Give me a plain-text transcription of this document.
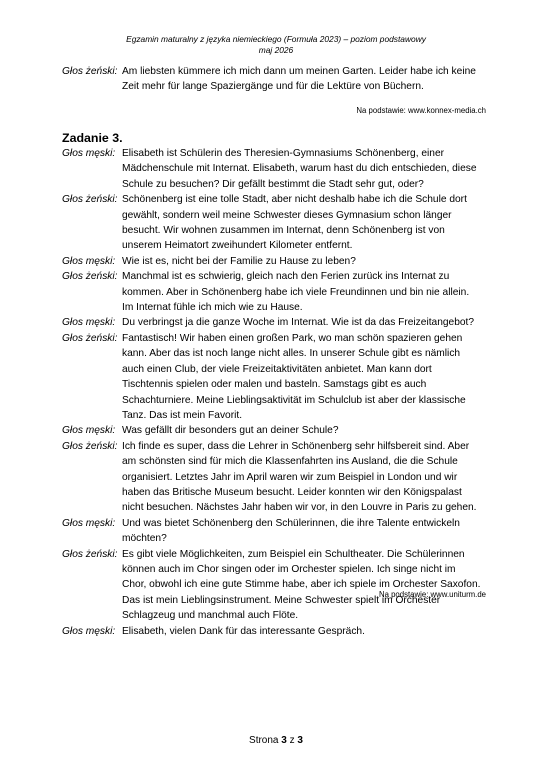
Egzamin maturalny z języka niemieckiego (Formuła 2023) – poziom podstawowy
maj 2026
Głos żeński: Am liebsten kümmere ich mich dann um meinen Garten. Leider habe ich keine
Zeit mehr für lange Spaziergänge und für die Lektüre von Büchern.
Na podstawie: www.konnex-media.ch
Zadanie 3.
Głos męski: Elisabeth ist Schülerin des Theresien-Gymnasiums Schönenberg, einer
Mädchenschule mit Internat. Elisabeth, warum hast du dich entschieden, diese
Schule zu besuchen? Dir gefällt bestimmt die Stadt sehr gut, oder?
Głos żeński: Schönenberg ist eine tolle Stadt, aber nicht deshalb habe ich die Schule dort
gewählt, sondern weil meine Schwester dieses Gymnasium schon länger
besucht. Wir wohnen zusammen im Internat, denn Schönenberg ist von
unserem Heimatort zweihundert Kilometer entfernt.
Głos męski: Wie ist es, nicht bei der Familie zu Hause zu leben?
Głos żeński: Manchmal ist es schwierig, gleich nach den Ferien zurück ins Internat zu
kommen. Aber in Schönenberg habe ich viele Freundinnen und bin nie allein.
Im Internat fühle ich mich wie zu Hause.
Głos męski: Du verbringst ja die ganze Woche im Internat. Wie ist da das Freizeitangebot?
Głos żeński: Fantastisch! Wir haben einen großen Park, wo man schön spazieren gehen
kann. Aber das ist noch lange nicht alles. In unserer Schule gibt es nämlich
auch einen Club, der viele Freizeitaktivitäten anbietet. Man kann dort
Tischtennis spielen oder malen und basteln. Samstags gibt es auch
Schachturniere. Meine Lieblingsaktivität im Schulclub ist aber der klassische
Tanz. Das ist mein Favorit.
Głos męski: Was gefällt dir besonders gut an deiner Schule?
Głos żeński: Ich finde es super, dass die Lehrer in Schönenberg sehr hilfsbereit sind. Aber
am schönsten sind für mich die Klassenfahrten ins Ausland, die die Schule
organisiert. Letztes Jahr im April waren wir zum Beispiel in London und wir
haben das Britische Museum besucht. Leider konnten wir den Königspalast
nicht besuchen. Nächstes Jahr haben wir vor, in den Louvre in Paris zu gehen.
Głos męski: Und was bietet Schönenberg den Schülerinnen, die ihre Talente entwickeln
möchten?
Głos żeński: Es gibt viele Möglichkeiten, zum Beispiel ein Schultheater. Die Schülerinnen
können auch im Chor singen oder im Orchester spielen. Ich singe nicht im
Chor, obwohl ich eine gute Stimme habe, aber ich spiele im Orchester Saxofon.
Das ist mein Lieblingsinstrument. Meine Schwester spielt im Orchester
Schlagzeug und manchmal auch Flöte.
Głos męski: Elisabeth, vielen Dank für das interessante Gespräch.
Na podstawie: www.uniturm.de
Strona 3 z 3
